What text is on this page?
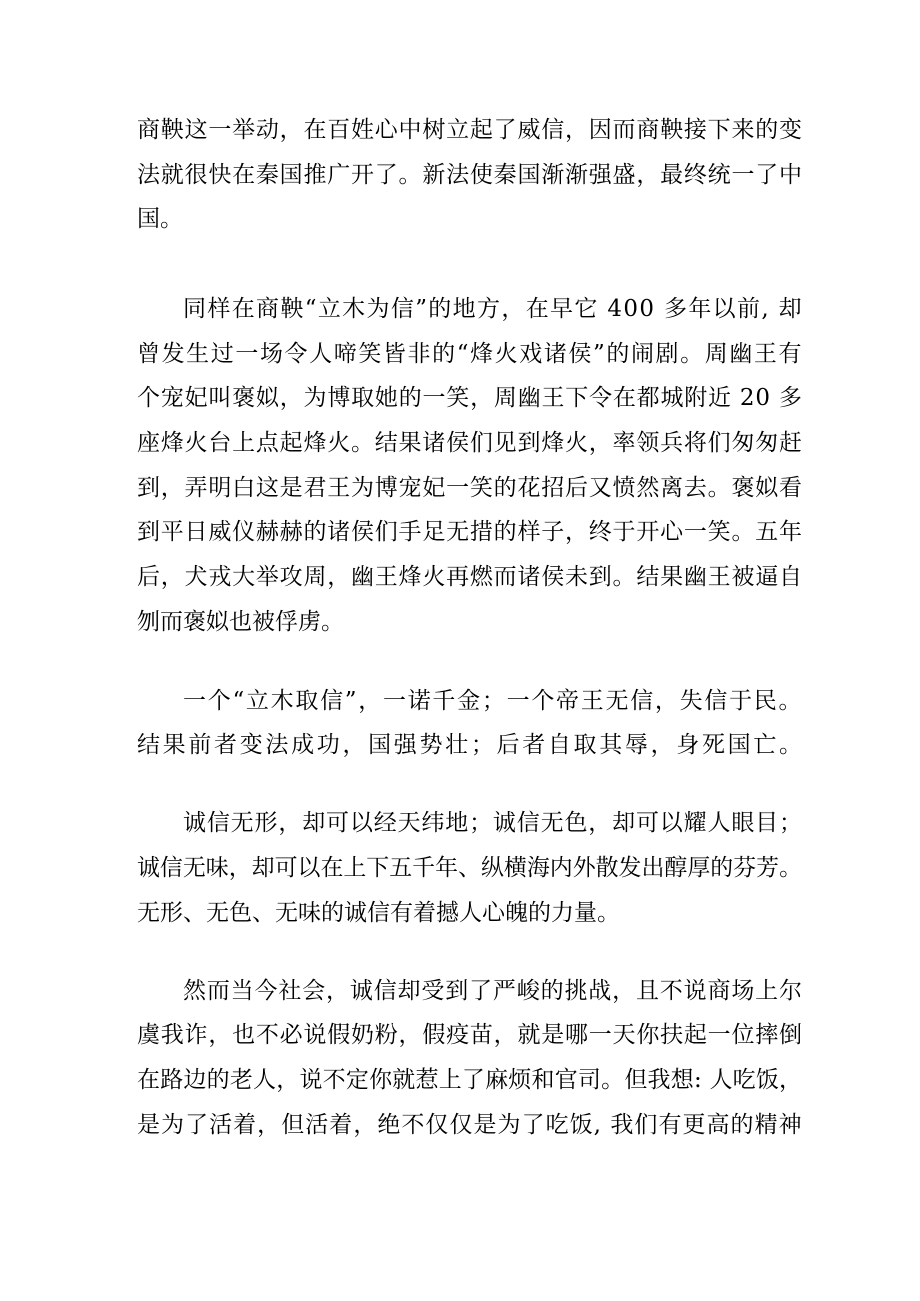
商鞅这一举动，在百姓心中树立起了威信，因而商鞅接下来的变
法就很快在秦国推广开了。新法使秦国渐渐强盛，最终统一了中
国。
同样在商鞅“立木为信”的地方，在早它 400 多年以前, 却
曾发生过一场令人啼笑皆非的“烽火戏诸侯”的闹剧。周幽王有
个宠妃叫褒姒，为博取她的一笑，周幽王下令在都城附近 20 多
座烽火台上点起烽火。结果诸侯们见到烽火，率领兵将们匆匆赶
到，弄明白这是君王为博宠妃一笑的花招后又愤然离去。褒姒看
到平日威仪赫赫的诸侯们手足无措的样子，终于开心一笑。五年
后，犬戎大举攻周，幽王烽火再燃而诸侯未到。结果幽王被逼自
刎而褒姒也被俘虏。
一个“立木取信”，一诺千金；一个帝王无信，失信于民。
结果前者变法成功，国强势壮；后者自取其辱，身死国亡。
诚信无形，却可以经天纬地；诚信无色，却可以耀人眼目；
诚信无味，却可以在上下五千年、纵横海内外散发出醇厚的芬芳。
无形、无色、无味的诚信有着撼人心魄的力量。
然而当今社会，诚信却受到了严峻的挑战，且不说商场上尔
虞我诈，也不必说假奶粉，假疫苗，就是哪一天你扶起一位摔倒
在路边的老人，说不定你就惹上了麻烦和官司。但我想: 人吃饭，
是为了活着，但活着，绝不仅仅是为了吃饭, 我们有更高的精神
